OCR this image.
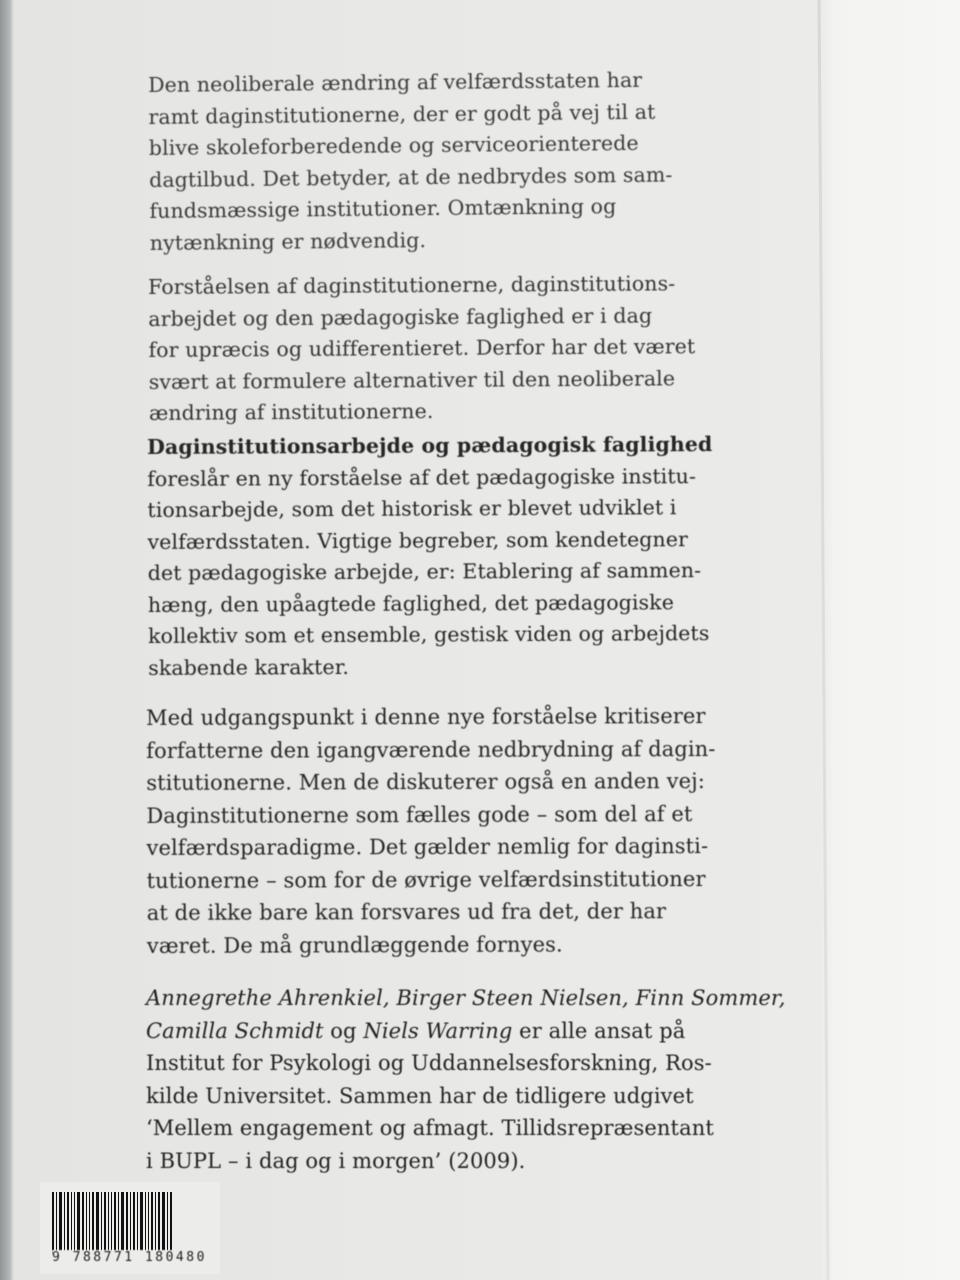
Den neoliberale ændring af velfærdsstaten har
ramt daginstitutionerne, der er godt på vej til at
blive skoleforberedende og serviceorienterede
dagtilbud. Det betyder, at de nedbrydes som sam-
fundsmæssige institutioner. Omtænkning og
nytænkning er nødvendig.
Forståelsen af daginstitutionerne, daginstitutions-
arbejdet og den pædagogiske faglighed er i dag
for upræcis og udifferentieret. Derfor har det været
svært at formulere alternativer til den neoliberale
ændring af institutionerne.
Daginstitutionsarbejde og pædagogisk faglighed
foreslår en ny forståelse af det pædagogiske institu-
tionsarbejde, som det historisk er blevet udviklet i
velfærdsstaten. Vigtige begreber, som kendetegner
det pædagogiske arbejde, er: Etablering af sammen-
hæng, den upåagtede faglighed, det pædagogiske
kollektiv som et ensemble, gestisk viden og arbejdets
skabende karakter.
Med udgangspunkt i denne nye forståelse kritiserer
forfatterne den igangværende nedbrydning af dagin-
stitutionerne. Men de diskuterer også en anden vej:
Daginstitutionerne som fælles gode – som del af et
velfærdsparadigme. Det gælder nemlig for daginsti-
tutionerne – som for de øvrige velfærdsinstitutioner
at de ikke bare kan forsvares ud fra det, der har
været. De må grundlæggende fornyes.
Annegrethe Ahrenkiel, Birger Steen Nielsen, Finn Sommer,
Camilla Schmidt og Niels Warring er alle ansat på
Institut for Psykologi og Uddannelsesforskning, Ros-
kilde Universitet. Sammen har de tidligere udgivet
‘Mellem engagement og afmagt. Tillidsrepræsentant
i BUPL – i dag og i morgen’ (2009).
9 788771 180480
